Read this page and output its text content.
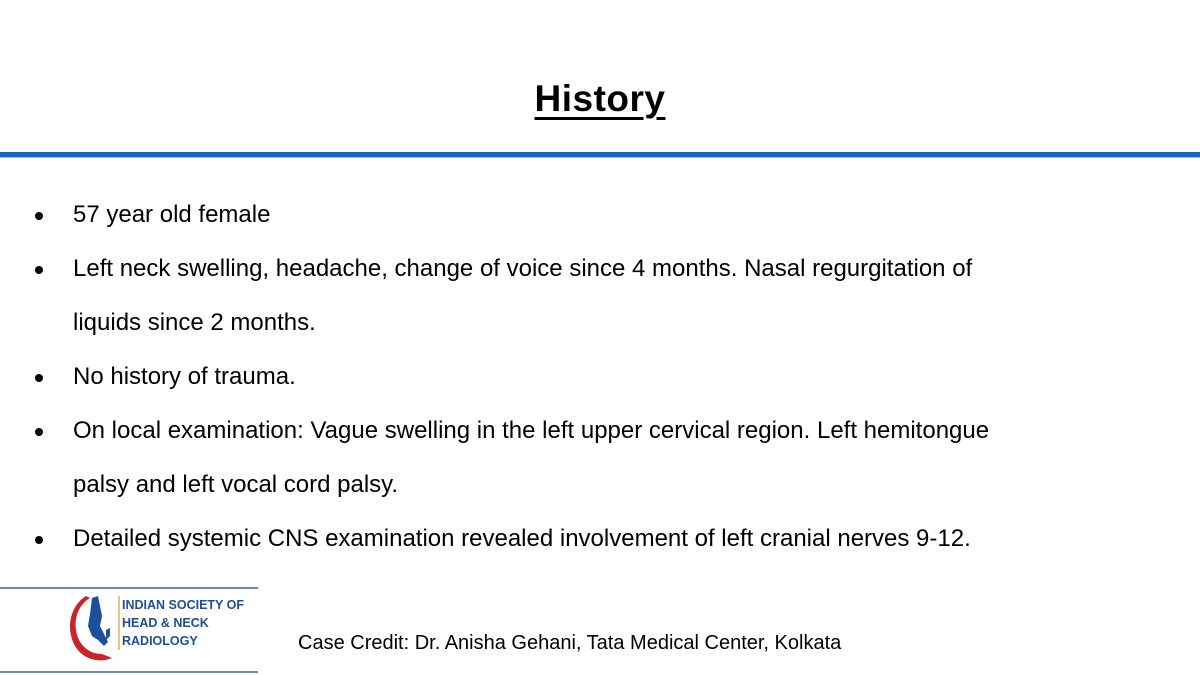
History
57 year old female
Left neck swelling, headache, change of voice since 4 months. Nasal regurgitation of
liquids since 2 months.
No history of trauma.
On local examination: Vague swelling in the left upper cervical region. Left hemitongue
palsy and left vocal cord palsy.
Detailed systemic CNS examination revealed involvement of left cranial nerves 9-12.
INDIAN SOCIETY OF
HEAD & NECK
RADIOLOGY	Case Credit: Dr. Anisha Gehani, Tata Medical Center, Kolkata
